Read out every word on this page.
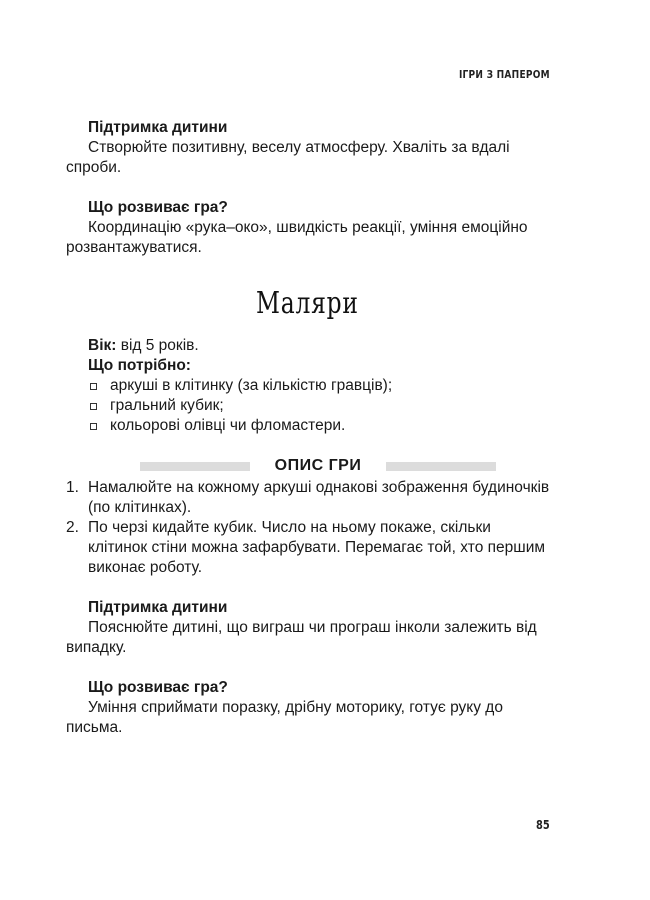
ІГРИ З ПАПЕРОМ
Підтримка дитини
Створюйте позитивну, веселу атмосферу. Хваліть за вдалі спроби.
Що розвиває гра?
Координацію «рука–око», швидкість реакції, уміння емоційно розвантажуватися.
Маляри
Вік: від 5 років.
Що потрібно:
аркуші в клітинку (за кількістю гравців);
гральний кубик;
кольорові олівці чи фломастери.
ОПИС ГРИ
1. Намалюйте на кожному аркуші однакові зображення будиночків (по клітинках).
2. По черзі кидайте кубик. Число на ньому покаже, скільки клітинок стіни можна зафарбувати. Перемагає той, хто першим виконає роботу.
Підтримка дитини
Пояснюйте дитині, що виграш чи програш інколи залежить від випадку.
Що розвиває гра?
Уміння сприймати поразку, дрібну моторику, готує руку до письма.
85
